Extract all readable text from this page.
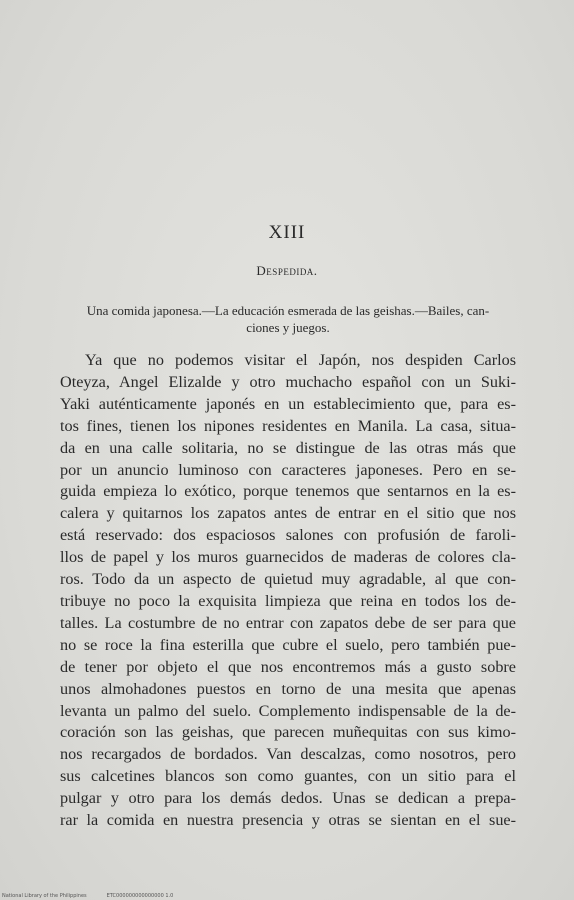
XIII
Despedida.
Una comida japonesa.—La educación esmerada de las geishas.—Bailes, can-
ciones y juegos.
Ya que no podemos visitar el Japón, nos despiden Carlos
Oteyza, Angel Elizalde y otro muchacho español con un Suki-
Yaki auténticamente japonés en un establecimiento que, para es-
tos fines, tienen los nipones residentes en Manila. La casa, situa-
da en una calle solitaria, no se distingue de las otras más que
por un anuncio luminoso con caracteres japoneses. Pero en se-
guida empieza lo exótico, porque tenemos que sentarnos en la es-
calera y quitarnos los zapatos antes de entrar en el sitio que nos
está reservado: dos espaciosos salones con profusión de faroli-
llos de papel y los muros guarnecidos de maderas de colores cla-
ros. Todo da un aspecto de quietud muy agradable, al que con-
tribuye no poco la exquisita limpieza que reina en todos los de-
talles. La costumbre de no entrar con zapatos debe de ser para que
no se roce la fina esterilla que cubre el suelo, pero también pue-
de tener por objeto el que nos encontremos más a gusto sobre
unos almohadones puestos en torno de una mesita que apenas
levanta un palmo del suelo. Complemento indispensable de la de-
coración son las geishas, que parecen muñequitas con sus kimo-
nos recargados de bordados. Van descalzas, como nosotros, pero
sus calcetines blancos son como guantes, con un sitio para el
pulgar y otro para los demás dedos. Unas se dedican a prepa-
rar la comida en nuestra presencia y otras se sientan en el sue-
National Library of the Philippines	ETC000000000000000 1.0
